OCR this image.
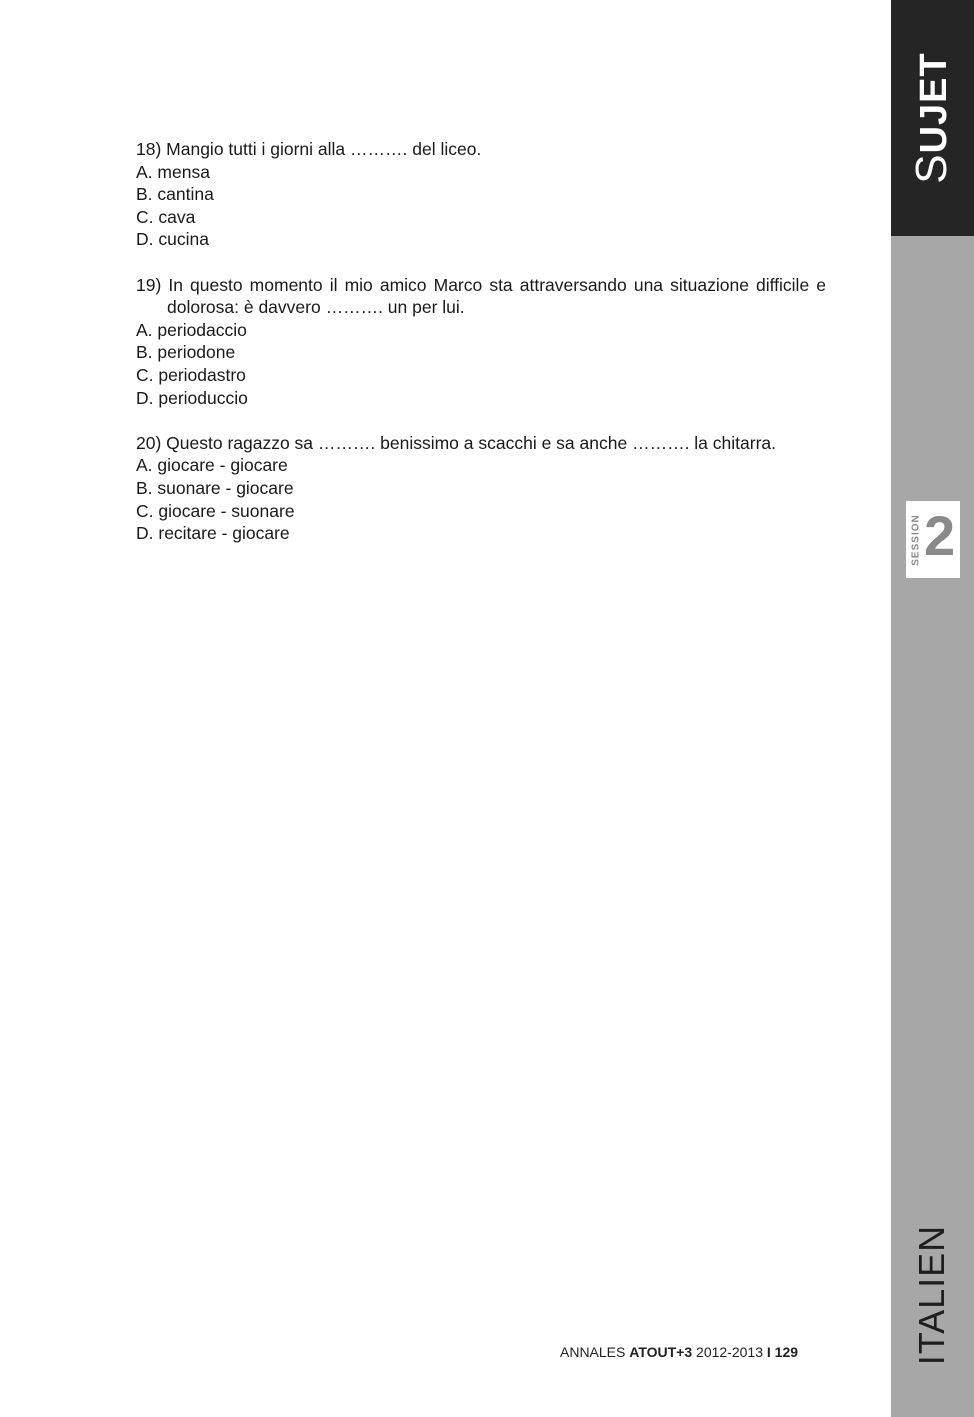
SUJET
SESSION 2
ITALIEN
18) Mangio tutti i giorni alla ………. del liceo.
A. mensa
B. cantina
C. cava
D. cucina
19) In questo momento il mio amico Marco sta attraversando una situazione difficile e dolorosa: è davvero ………. un per lui.
A. periodaccio
B. periodone
C. periodastro
D. perioduccio
20) Questo ragazzo sa ………. benissimo a scacchi e sa anche ………. la chitarra.
A. giocare - giocare
B. suonare - giocare
C. giocare - suonare
D. recitare - giocare
ANNALES ATOUT+3 2012-2013 I 129
